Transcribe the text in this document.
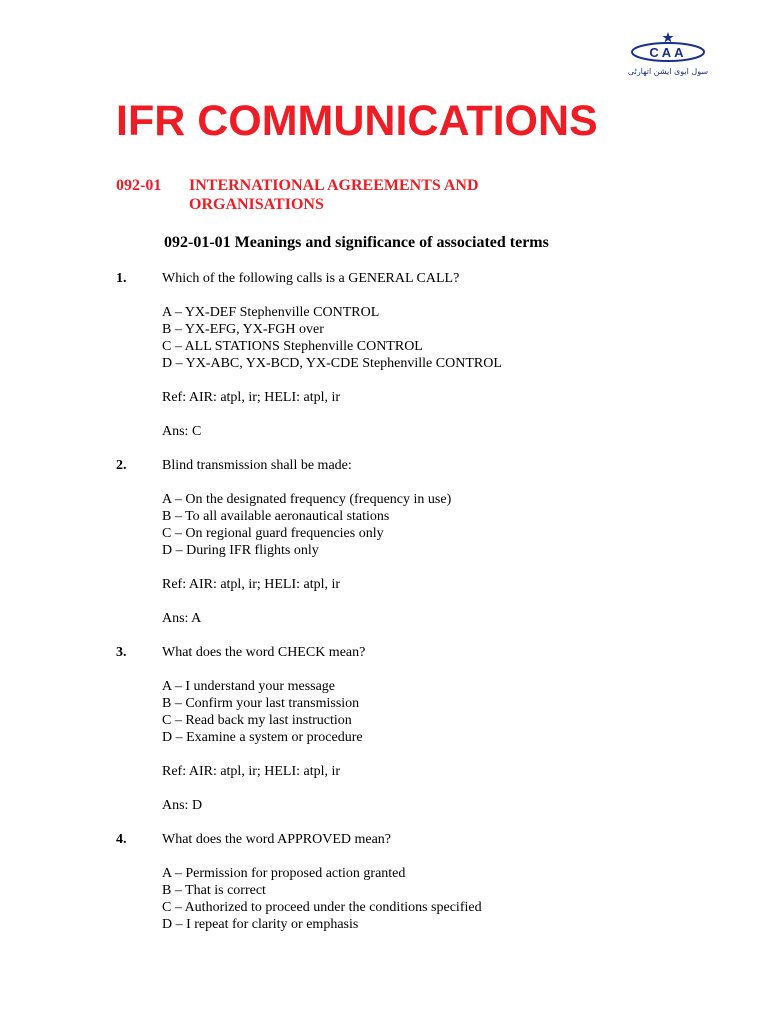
CAA
سول ایوی ایشن اتھارٹی
IFR COMMUNICATIONS
092-01 INTERNATIONAL AGREEMENTS AND ORGANISATIONS
092-01-01 Meanings and significance of associated terms
1.	Which of the following calls is a GENERAL CALL?
A – YX-DEF Stephenville CONTROL
B – YX-EFG, YX-FGH over
C – ALL STATIONS Stephenville CONTROL
D – YX-ABC, YX-BCD, YX-CDE Stephenville CONTROL
Ref: AIR: atpl, ir; HELI: atpl, ir
Ans: C
2.	Blind transmission shall be made:
A – On the designated frequency (frequency in use)
B – To all available aeronautical stations
C – On regional guard frequencies only
D – During IFR flights only
Ref: AIR: atpl, ir; HELI: atpl, ir
Ans: A
3.	What does the word CHECK mean?
A – I understand your message
B – Confirm your last transmission
C – Read back my last instruction
D – Examine a system or procedure
Ref: AIR: atpl, ir; HELI: atpl, ir
Ans: D
4.	What does the word APPROVED mean?
A – Permission for proposed action granted
B – That is correct
C – Authorized to proceed under the conditions specified
D – I repeat for clarity or emphasis
